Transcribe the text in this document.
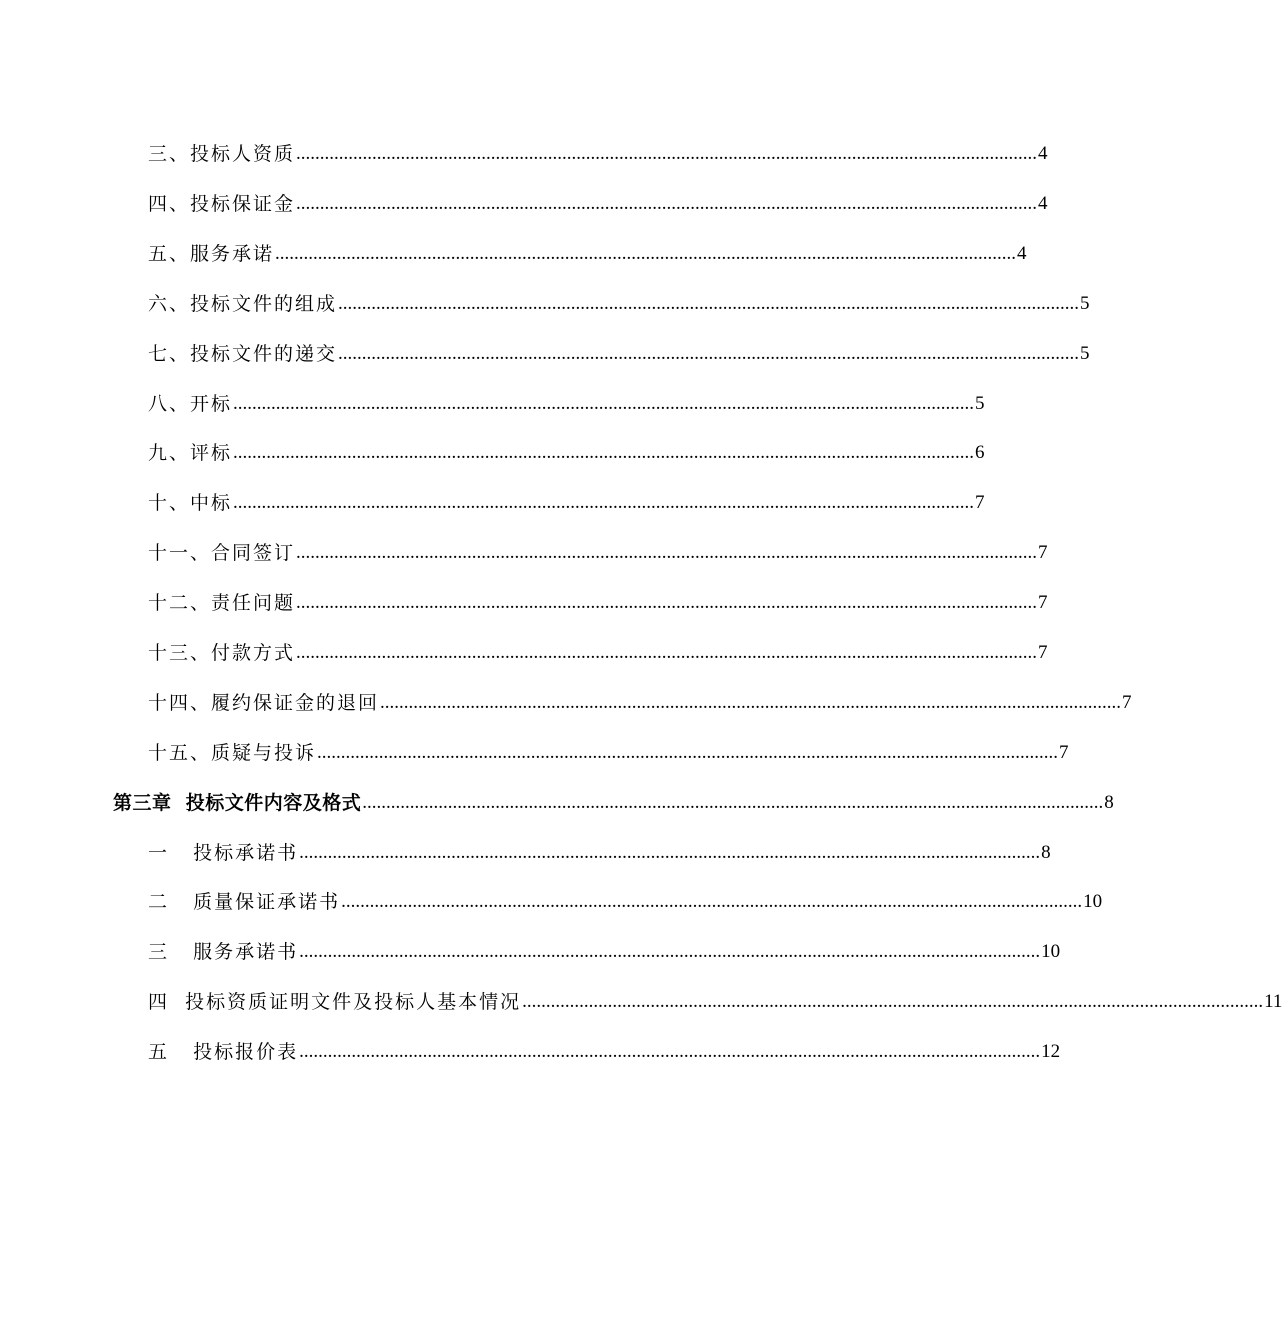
三、投标人资质 ............................................................................................................................................................ 4
四、投标保证金 ............................................................................................................................................................ 4
五、服务承诺 ............................................................................................................................................................ 4
六、投标文件的组成 ............................................................................................................................................................ 5
七、投标文件的递交 ............................................................................................................................................................ 5
八、开标 ............................................................................................................................................................ 5
九、评标 ............................................................................................................................................................ 6
十、中标 ............................................................................................................................................................ 7
十一、合同签订 ............................................................................................................................................................ 7
十二、责任问题 ............................................................................................................................................................ 7
十三、付款方式 ............................................................................................................................................................ 7
十四、履约保证金的退回 ............................................................................................................................................................ 7
十五、质疑与投诉 ............................................................................................................................................................ 7
第三章  投标文件内容及格式 ............................................................................................................................................................ 8
一   投标承诺书 ............................................................................................................................................................ 8
二   质量保证承诺书 ............................................................................................................................................................ 10
三   服务承诺书 ............................................................................................................................................................ 10
四  投标资质证明文件及投标人基本情况 ............................................................................................................................................................ 11
五   投标报价表 ............................................................................................................................................................ 12
